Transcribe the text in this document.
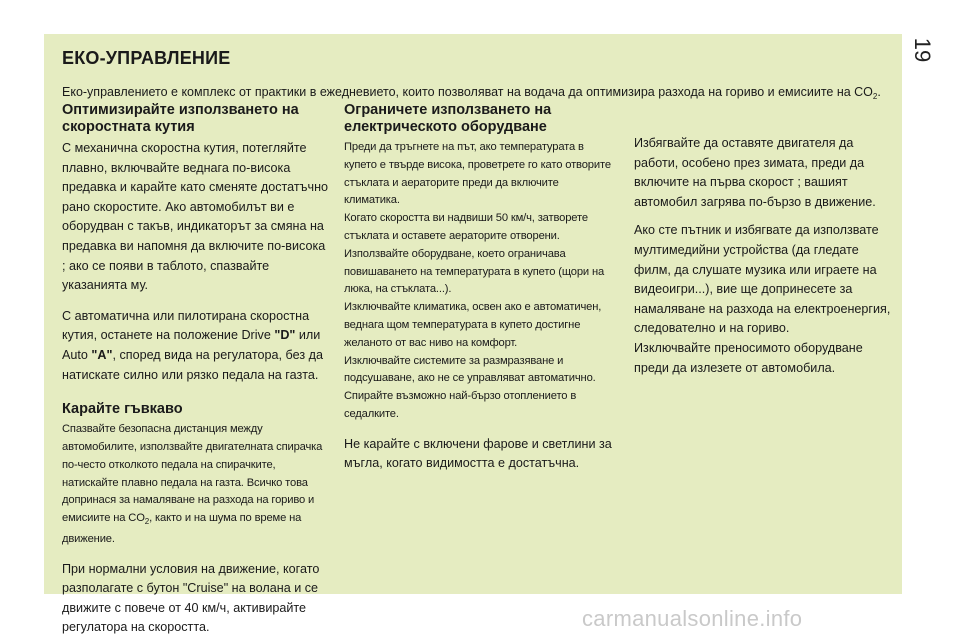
19
ЕКО-УПРАВЛЕНИЕ

Еко-управлението е комплекс от практики в ежедневието, които позволяват на водача да оптимизира разхода на гориво и емисиите на $CO_2$.

Оптимизирайте използването на скоростната кутия

С механична скоростна кутия, потегляйте плавно, включвайте веднага по-висока предавка и карайте като сменяте достатъчно рано скоростите. Ако автомобилът ви е оборудван с такъв, индикаторът за смяна на предавка ви напомня да включите по-висока ; ако се появи в таблото, спазвайте указанията му.

С автоматична или пилотирана скоростна кутия, останете на положение Drive "D" или Auto "A", според вида на регулатора, без да натискате силно или рязко педала на газта.

Карайте гъвкаво

Спазвайте безопасна дистанция между автомобилите, използвайте двигателната спирачка по-често отколкото педала на спирачките, натискайте плавно педала на газта. Всичко това допринася за намаляване на разхода на гориво и емисиите на $CO_2$, както и на шума по време на движение.

При нормални условия на движение, когато разполагате с бутон "Cruise" на волана и се движите с повече от 40 км/ч, активирайте регулатора на скоростта.

Ограничете използването на електрическото оборудване

Преди да тръгнете на път, ако температурата в купето е твърде висока, проветрете го като отворите стъклата и аераторите преди да включите климатика.

Когато скоростта ви надвиши 50 км/ч, затворете стъклата и оставете аераторите отворени.

Използвайте оборудване, което ограничава повишаването на температурата в купето (щори на люка, на стъклата...).

Изключвайте климатика, освен ако е автоматичен, веднага щом температурата в купето достигне желаното от вас ниво на комфорт.

Изключвайте системите за размразяване и подсушаване, ако не се управляват автоматично.

Спирайте възможно най-бързо отоплението в седалките.

Не карайте с включени фарове и светлини за мъгла, когато видимостта е достатъчна.

Избягвайте да оставяте двигателя да работи, особено през зимата, преди да включите на първа скорост ; вашият автомобил загрява по-бързо в движение.

Ако сте пътник и избягвате да използвате мултимедийни устройства (да гледате филм, да слушате музика или играете на видеоигри...), вие ще допринесете за намаляване на разхода на електроенергия, следователно и на гориво.

Изключвайте преносимото оборудване преди да излезете от автомобила.

carmanualsonline.info
